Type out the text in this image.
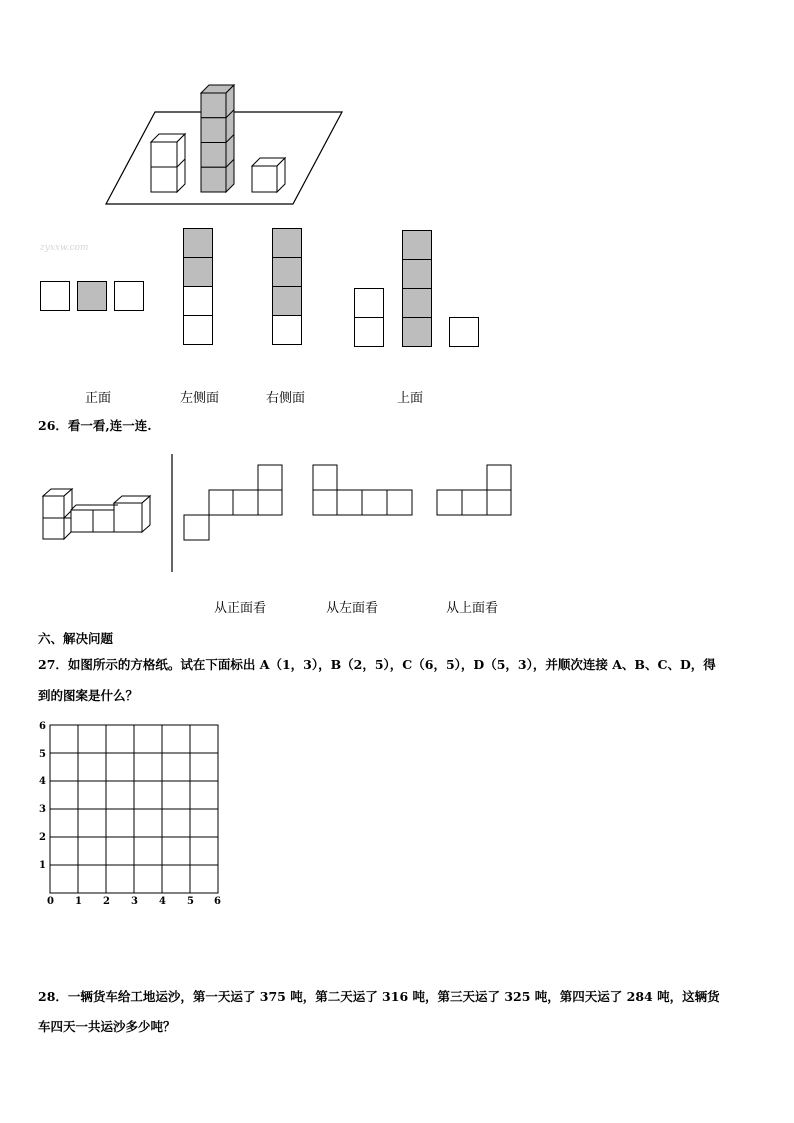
zyxxw.com
正面	左侧面	右侧面	上面
26．看一看,连一连.
从正面看	从左面看	从上面看
六、解决问题
27．如图所示的方格纸。试在下面标出 A（1，3），B（2，5），C（6，5），D（5，3），并顺次连接 A、B、C、D，得
到的图案是什么？
0 1 2 3 4 5 6
1
2
3
4
5
6
28．一辆货车给工地运沙，第一天运了 375 吨，第二天运了 316 吨，第三天运了 325 吨，第四天运了 284 吨，这辆货
车四天一共运沙多少吨？
